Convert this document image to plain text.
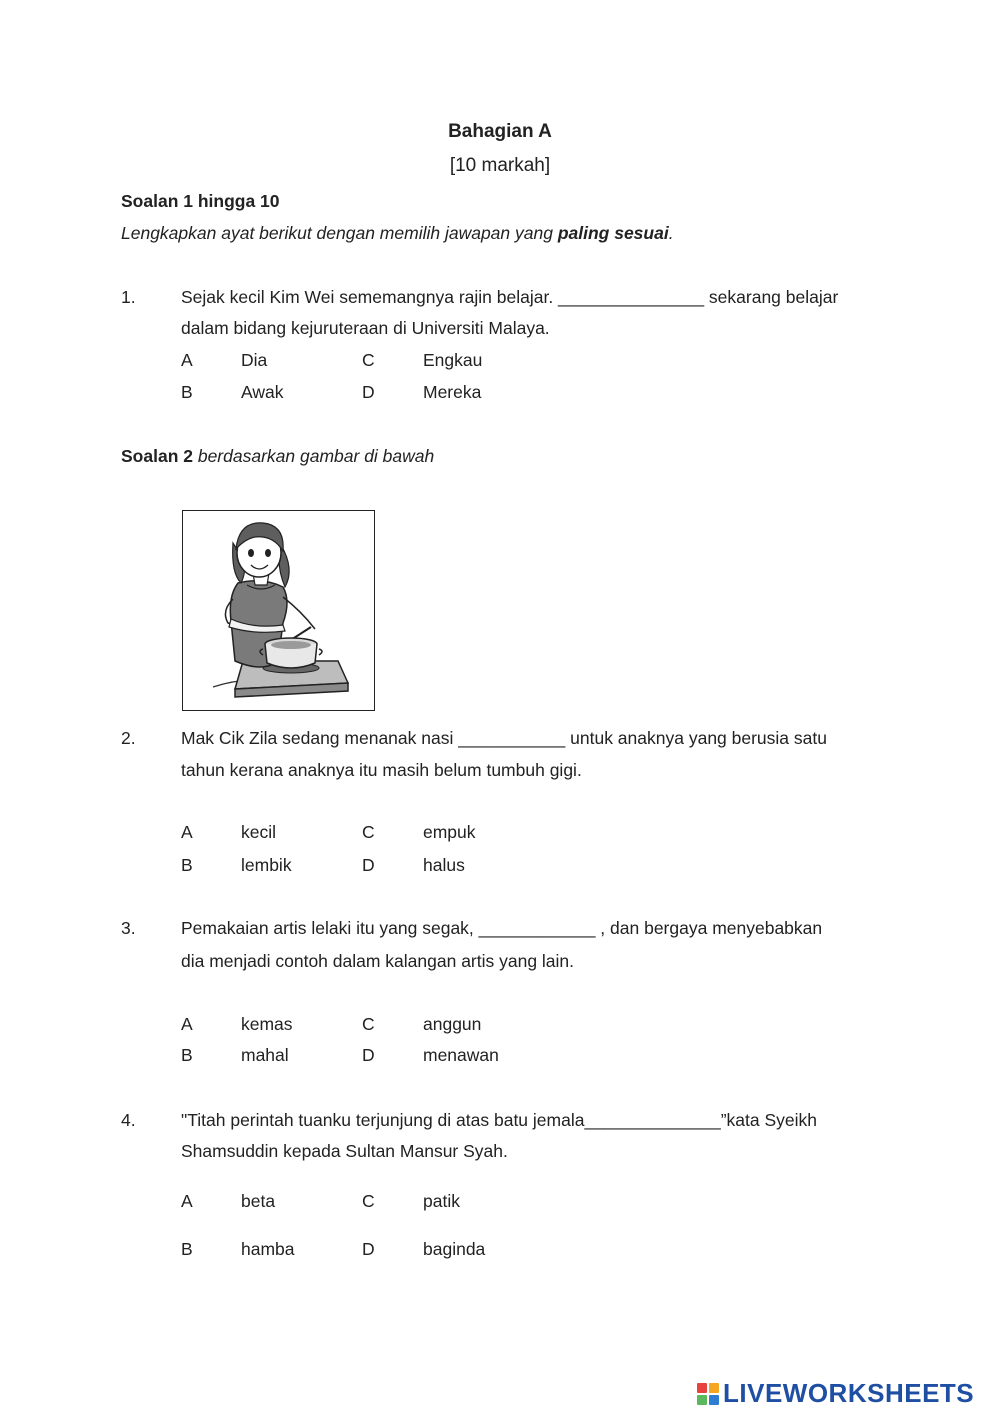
Bahagian A
[10 markah]
Soalan 1 hingga 10
Lengkapkan ayat berikut dengan memilih jawapan yang paling sesuai.
1.	Sejak kecil Kim Wei sememangnya rajin belajar. _______________ sekarang belajar
dalam bidang kejuruteraan di Universiti Malaya.
A	Dia	C	Engkau
B	Awak	D	Mereka
Soalan 2 berdasarkan gambar di bawah
2.	Mak Cik Zila sedang menanak nasi ___________ untuk anaknya yang berusia satu
tahun kerana anaknya itu masih belum tumbuh gigi.
A	kecil	C	empuk
B	lembik	D	halus
3.	Pemakaian artis lelaki itu yang segak, ____________ , dan bergaya menyebabkan
dia menjadi contoh dalam kalangan artis yang lain.
A	kemas	C	anggun
B	mahal	D	menawan
4.	"Titah perintah tuanku terjunjung di atas batu jemala______________”kata Syeikh
Shamsuddin kepada Sultan Mansur Syah.
A	beta	C	patik
B	hamba	D	baginda
LIVEWORKSHEETS
